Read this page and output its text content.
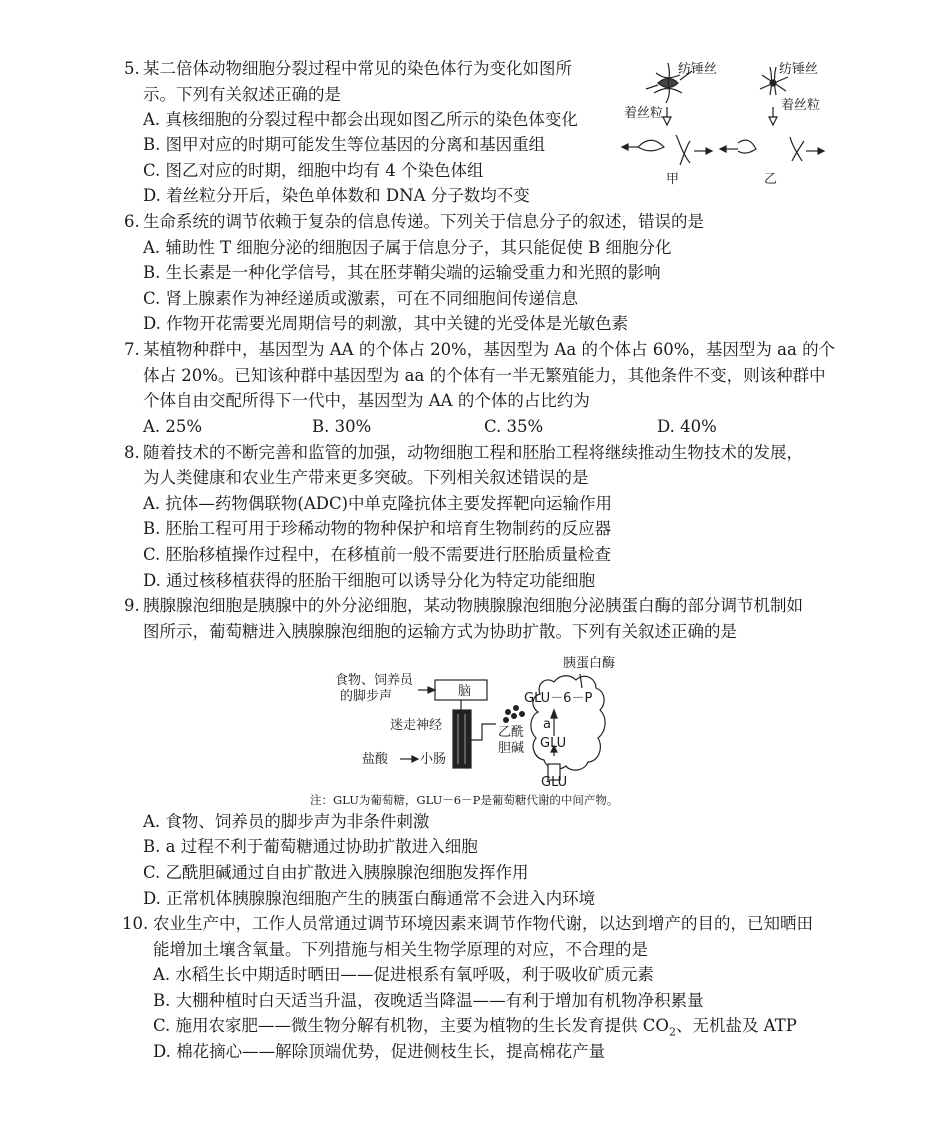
5. 某二倍体动物细胞分裂过程中常见的染色体行为变化如图所
示。下列有关叙述正确的是
A. 真核细胞的分裂过程中都会出现如图乙所示的染色体变化
B. 图甲对应的时期可能发生等位基因的分离和基因重组
C. 图乙对应的时期，细胞中均有 4 个染色体组
D. 着丝粒分开后，染色单体数和 DNA 分子数均不变
纺锤丝	纺锤丝
着丝粒
着丝粒
甲	乙
6. 生命系统的调节依赖于复杂的信息传递。下列关于信息分子的叙述，错误的是
A. 辅助性 T 细胞分泌的细胞因子属于信息分子，其只能促使 B 细胞分化
B. 生长素是一种化学信号，其在胚芽鞘尖端的运输受重力和光照的影响
C. 肾上腺素作为神经递质或激素，可在不同细胞间传递信息
D. 作物开花需要光周期信号的刺激，其中关键的光受体是光敏色素
7. 某植物种群中，基因型为 AA 的个体占 20%，基因型为 Aa 的个体占 60%，基因型为 aa 的个
体占 20%。已知该种群中基因型为 aa 的个体有一半无繁殖能力，其他条件不变，则该种群中
个体自由交配所得下一代中，基因型为 AA 的个体的占比约为
A. 25%	B. 30%	C. 35%	D. 40%
8. 随着技术的不断完善和监管的加强，动物细胞工程和胚胎工程将继续推动生物技术的发展，
为人类健康和农业生产带来更多突破。下列相关叙述错误的是
A. 抗体—药物偶联物(ADC)中单克隆抗体主要发挥靶向运输作用
B. 胚胎工程可用于珍稀动物的物种保护和培育生物制药的反应器
C. 胚胎移植操作过程中，在移植前一般不需要进行胚胎质量检查
D. 通过核移植获得的胚胎干细胞可以诱导分化为特定功能细胞
9. 胰腺腺泡细胞是胰腺中的外分泌细胞，某动物胰腺腺泡细胞分泌胰蛋白酶的部分调节机制如
图所示，葡萄糖进入胰腺腺泡细胞的运输方式为协助扩散。下列有关叙述正确的是
食物、饲养员
的脚步声	脑
迷走神经
盐酸 小肠
胰蛋白酶
GLU－6－P
a
乙酰
胆碱 GLU
GLU
注：GLU为葡萄糖，GLU－6－P是葡萄糖代谢的中间产物。
A. 食物、饲养员的脚步声为非条件刺激
B. a 过程不利于葡萄糖通过协助扩散进入细胞
C. 乙酰胆碱通过自由扩散进入胰腺腺泡细胞发挥作用
D. 正常机体胰腺腺泡细胞产生的胰蛋白酶通常不会进入内环境
10. 农业生产中，工作人员常通过调节环境因素来调节作物代谢，以达到增产的目的，已知晒田
能增加土壤含氧量。下列措施与相关生物学原理的对应，不合理的是
A. 水稻生长中期适时晒田——促进根系有氧呼吸，利于吸收矿质元素
B. 大棚种植时白天适当升温，夜晚适当降温——有利于增加有机物净积累量
C. 施用农家肥——微生物分解有机物，主要为植物的生长发育提供 $CO_2$、无机盐及 ATP
D. 棉花摘心——解除顶端优势，促进侧枝生长，提高棉花产量
